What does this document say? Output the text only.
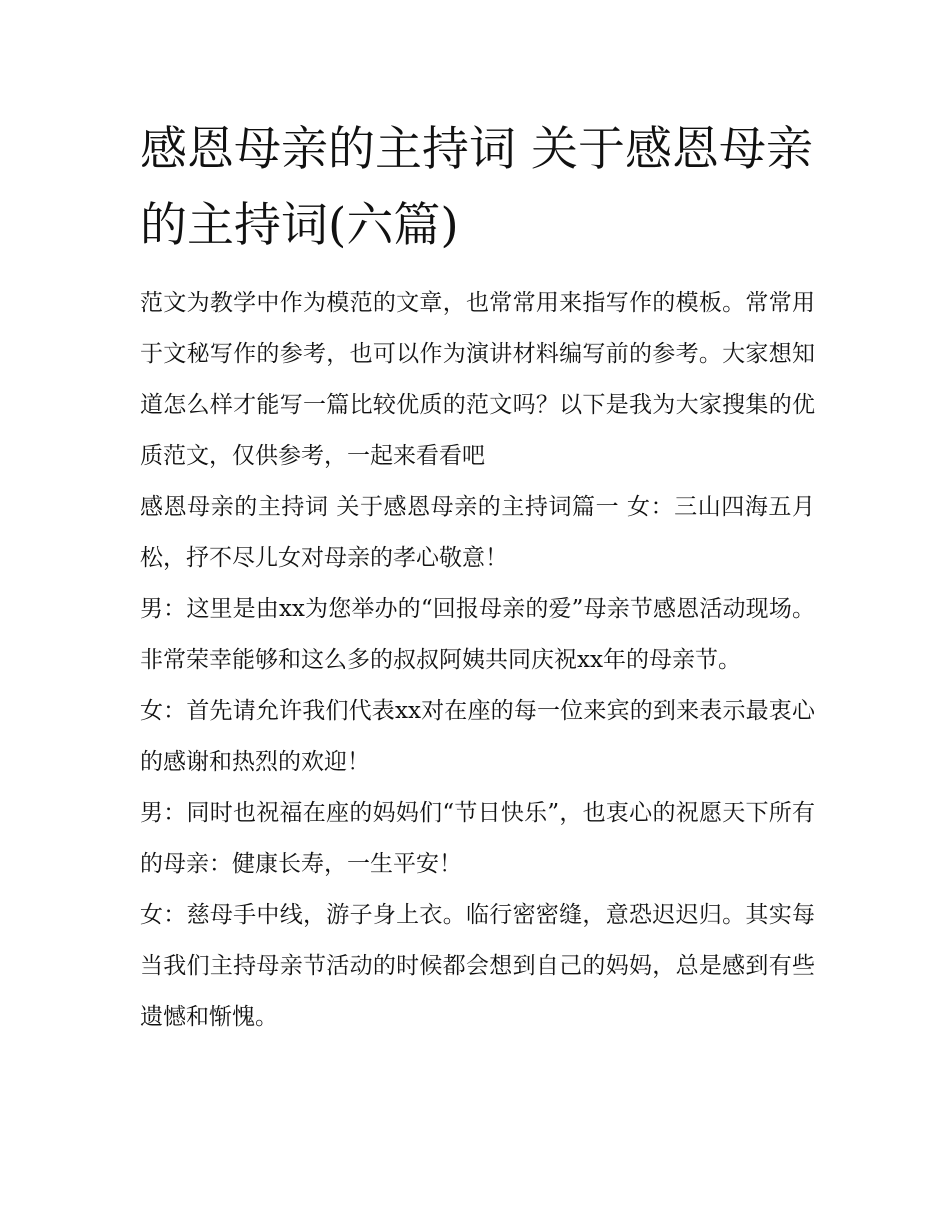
感恩母亲的主持词 关于感恩母亲的主持词(六篇)

范文为教学中作为模范的文章，也常常用来指写作的模板。常常用于文秘写作的参考，也可以作为演讲材料编写前的参考。大家想知道怎么样才能写一篇比较优质的范文吗？以下是我为大家搜集的优质范文，仅供参考，一起来看看吧

感恩母亲的主持词 关于感恩母亲的主持词篇一 女：三山四海五月松，抒不尽儿女对母亲的孝心敬意！

男：这里是由xx为您举办的“回报母亲的爱”母亲节感恩活动现场。非常荣幸能够和这么多的叔叔阿姨共同庆祝xx年的母亲节。

女：首先请允许我们代表xx对在座的每一位来宾的到来表示最衷心的感谢和热烈的欢迎！

男：同时也祝福在座的妈妈们“节日快乐”，也衷心的祝愿天下所有的母亲：健康长寿，一生平安！

女：慈母手中线，游子身上衣。临行密密缝，意恐迟迟归。其实每当我们主持母亲节活动的时候都会想到自己的妈妈，总是感到有些遗憾和惭愧。
